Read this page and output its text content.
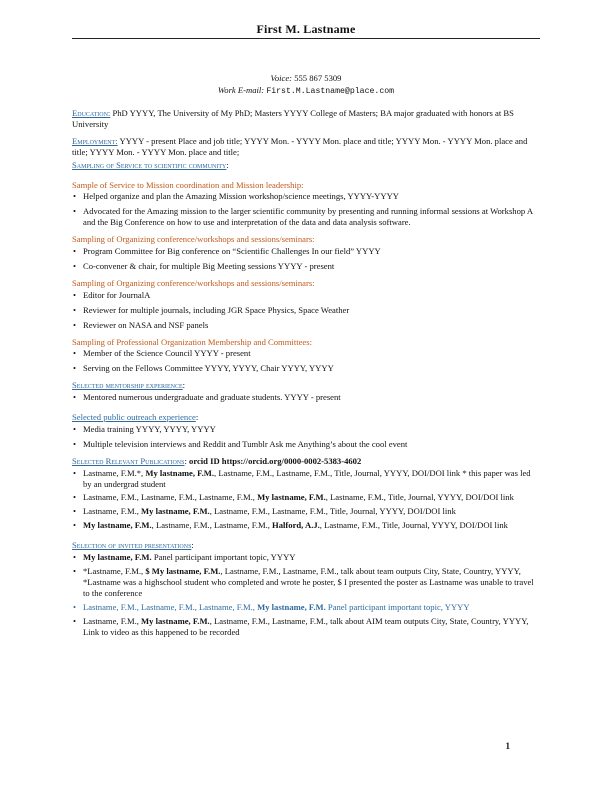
First M. Lastname
Voice: 555 867 5309
Work E-mail: First.M.Lastname@place.com
Education: PhD YYYY, The University of My PhD; Masters YYYY College of Masters; BA major graduated with honors at BS University
Employment: YYYY - present Place and job title; YYYY Mon. - YYYY Mon. place and title; YYYY Mon. - YYYY Mon. place and title; YYYY Mon. - YYYY Mon. place and title;
Sampling of Service to scientific community:
Sample of Service to Mission coordination and Mission leadership:
• Helped organize and plan the Amazing Mission workshop/science meetings, YYYY-YYYY
• Advocated for the Amazing mission to the larger scientific community by presenting and running informal sessions at Workshop A and the Big Conference on how to use and interpretation of the data and data analysis software.
Sampling of Organizing conference/workshops and sessions/seminars:
• Program Committee for Big conference on “Scientific Challenges In our field” YYYY
• Co-convener & chair, for multiple Big Meeting sessions YYYY - present
Sampling of Organizing conference/workshops and sessions/seminars:
• Editor for JournalA
• Reviewer for multiple journals, including JGR Space Physics, Space Weather
• Reviewer on NASA and NSF panels
Sampling of Professional Organization Membership and Committees:
• Member of the Science Council YYYY - present
• Serving on the Fellows Committee YYYY, YYYY, Chair YYYY, YYYY
Selected mentorship experience:
• Mentored numerous undergraduate and graduate students. YYYY - present
Selected public outreach experience:
• Media training YYYY, YYYY, YYYY
• Multiple television interviews and Reddit and Tumblr Ask me Anything’s about the cool event
Selected Relevant Publications: orcid ID https://orcid.org/0000-0002-5383-4602
• Lastname, F.M.*, My lastname, F.M., Lastname, F.M., Lastname, F.M., Title, Journal, YYYY, DOI/DOI link * this paper was led by an undergrad student
• Lastname, F.M., Lastname, F.M., Lastname, F.M., My lastname, F.M., Lastname, F.M., Title, Journal, YYYY, DOI/DOI link
• Lastname, F.M., My lastname, F.M., Lastname, F.M., Lastname, F.M., Title, Journal, YYYY, DOI/DOI link
• My lastname, F.M., Lastname, F.M., Lastname, F.M., Halford, A.J., Lastname, F.M., Title, Journal, YYYY, DOI/DOI link
Selection of invited presentations:
• My lastname, F.M. Panel participant important topic, YYYY
• *Lastname, F.M., $ My lastname, F.M., Lastname, F.M., Lastname, F.M., talk about team outputs City, State, Country, YYYY, *Lastname was a highschool student who completed and wrote he poster, $ I presented the poster as Lastname was unable to travel to the conference
• Lastname, F.M., Lastname, F.M., Lastname, F.M., My lastname, F.M. Panel participant important topic, YYYY
• Lastname, F.M., My lastname, F.M., Lastname, F.M., Lastname, F.M., talk about AIM team outputs City, State, Country, YYYY, Link to video as this happened to be recorded
1
